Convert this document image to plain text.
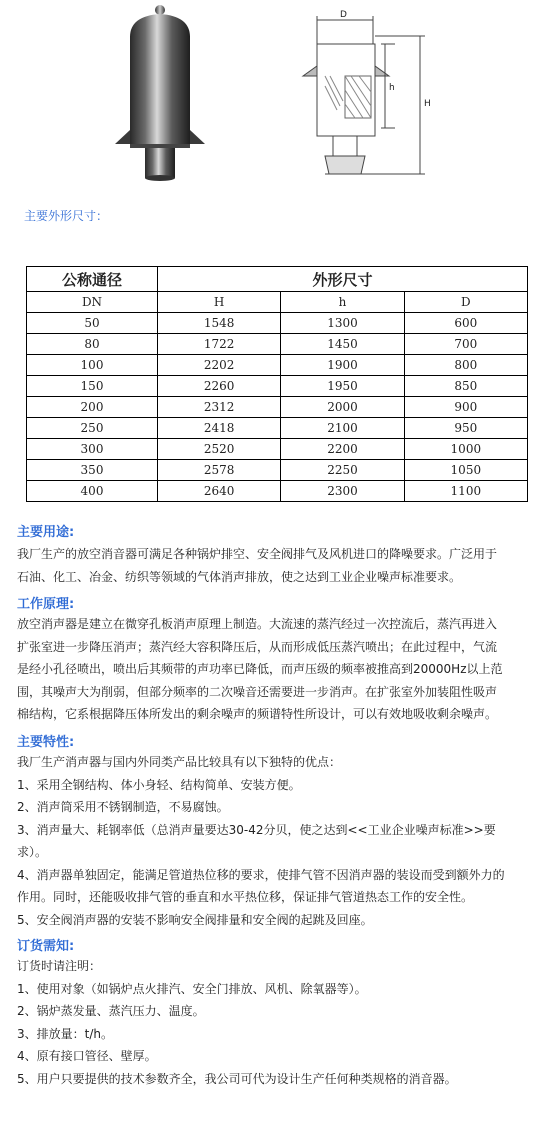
D
h
H
主要外形尺寸：
公称通径	外形尺寸		
DN	H	h	D
50	1548	1300	600
80	1722	1450	700
100	2202	1900	800
150	2260	1950	850
200	2312	2000	900
250	2418	2100	950
300	2520	2200	1000
350	2578	2250	1050
400	2640	2300	1100
主要用途:

我厂生产的放空消音器可满足各种锅炉排空、安全阀排气及风机进口的降噪要求。广泛用于

石油、化工、冶金、纺织等领域的气体消声排放，使之达到工业企业噪声标准要求。

工作原理:

放空消声器是建立在微穿孔板消声原理上制造。大流速的蒸汽经过一次控流后，蒸汽再进入

扩张室进一步降压消声；蒸汽经大容积降压后，从而形成低压蒸汽喷出；在此过程中，气流

是经小孔径喷出，喷出后其频带的声功率已降低，而声压级的频率被推高到20000Hz以上范

围，其噪声大为削弱，但部分频率的二次噪音还需要进一步消声。在扩张室外加装阻性吸声

棉结构，它系根据降压体所发出的剩余噪声的频谱特性所设计，可以有效地吸收剩余噪声。

主要特性:

我厂生产消声器与国内外同类产品比较具有以下独特的优点：

1、采用全钢结构、体小身轻、结构简单、安装方便。

2、消声筒采用不锈钢制造，不易腐蚀。

3、消声量大、耗钢率低（总消声量要达30-42分贝，使之达到<<工业企业噪声标准>>要

求）。

4、消声器单独固定，能满足管道热位移的要求，使排气管不因消声器的装设而受到额外力的

作用。同时，还能吸收排气管的垂直和水平热位移，保证排气管道热态工作的安全性。

5、安全阀消声器的安装不影响安全阀排量和安全阀的起跳及回座。

订货需知:

订货时请注明：

1、使用对象（如锅炉点火排汽、安全门排放、风机、除氧器等）。

2、锅炉蒸发量、蒸汽压力、温度。

3、排放量：t/h。

4、原有接口管径、壁厚。

5、用户只要提供的技术参数齐全，我公司可代为设计生产任何种类规格的消音器。
